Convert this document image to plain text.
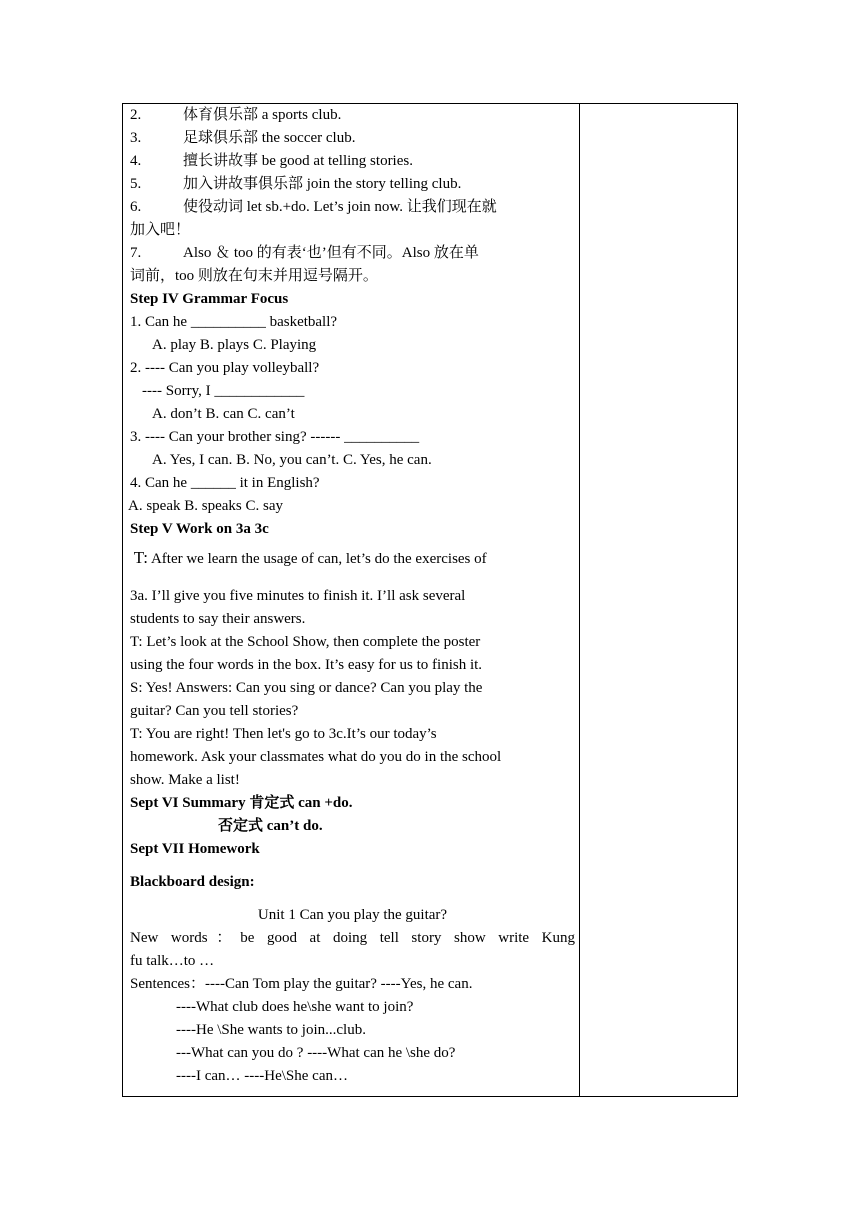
2.	体育俱乐部 a sports club.
3.	足球俱乐部 the soccer club.
4.	擅长讲故事 be good at telling stories.
5.	加入讲故事俱乐部 join the story telling club.
6.	使役动词 let sb.+do. Let’s join now. 让我们现在就
加入吧！
7.	Also ＆ too 的有表‘也’但有不同。Also 放在单
词前，too 则放在句末并用逗号隔开。
Step IV Grammar Focus
1. Can he __________ basketball?
A. play B. plays C. Playing
2. ---- Can you play volleyball?
---- Sorry, I ____________
A. don’t B. can C. can’t
3. ---- Can your brother sing? ------ __________
A. Yes, I can. B. No, you can’t. C. Yes, he can.
4. Can he ______ it in English?
A. speak B. speaks C. say
Step V Work on 3a 3c
T: After we learn the usage of can, let’s do the exercises of
3a. I’ll give you five minutes to finish it. I’ll ask several
students to say their answers.
T: Let’s look at the School Show, then complete the poster
using the four words in the box. It’s easy for us to finish it.
S: Yes! Answers: Can you sing or dance? Can you play the
guitar? Can you tell stories?
T: You are right! Then let's go to 3c.It’s our today’s
homework. Ask your classmates what do you do in the school
show. Make a list!
Sept VI Summary 肯定式 can +do.
否定式 can’t do.
Sept VII Homework
Blackboard design:
Unit 1 Can you play the guitar?
New words：be good at doing tell story show write Kung
fu talk…to …
Sentences：----Can Tom play the guitar? ----Yes, he can.
----What club does he\she want to join?
----He \She wants to join...club.
---What can you do ? ----What can he \she do?
----I can… ----He\She can…
